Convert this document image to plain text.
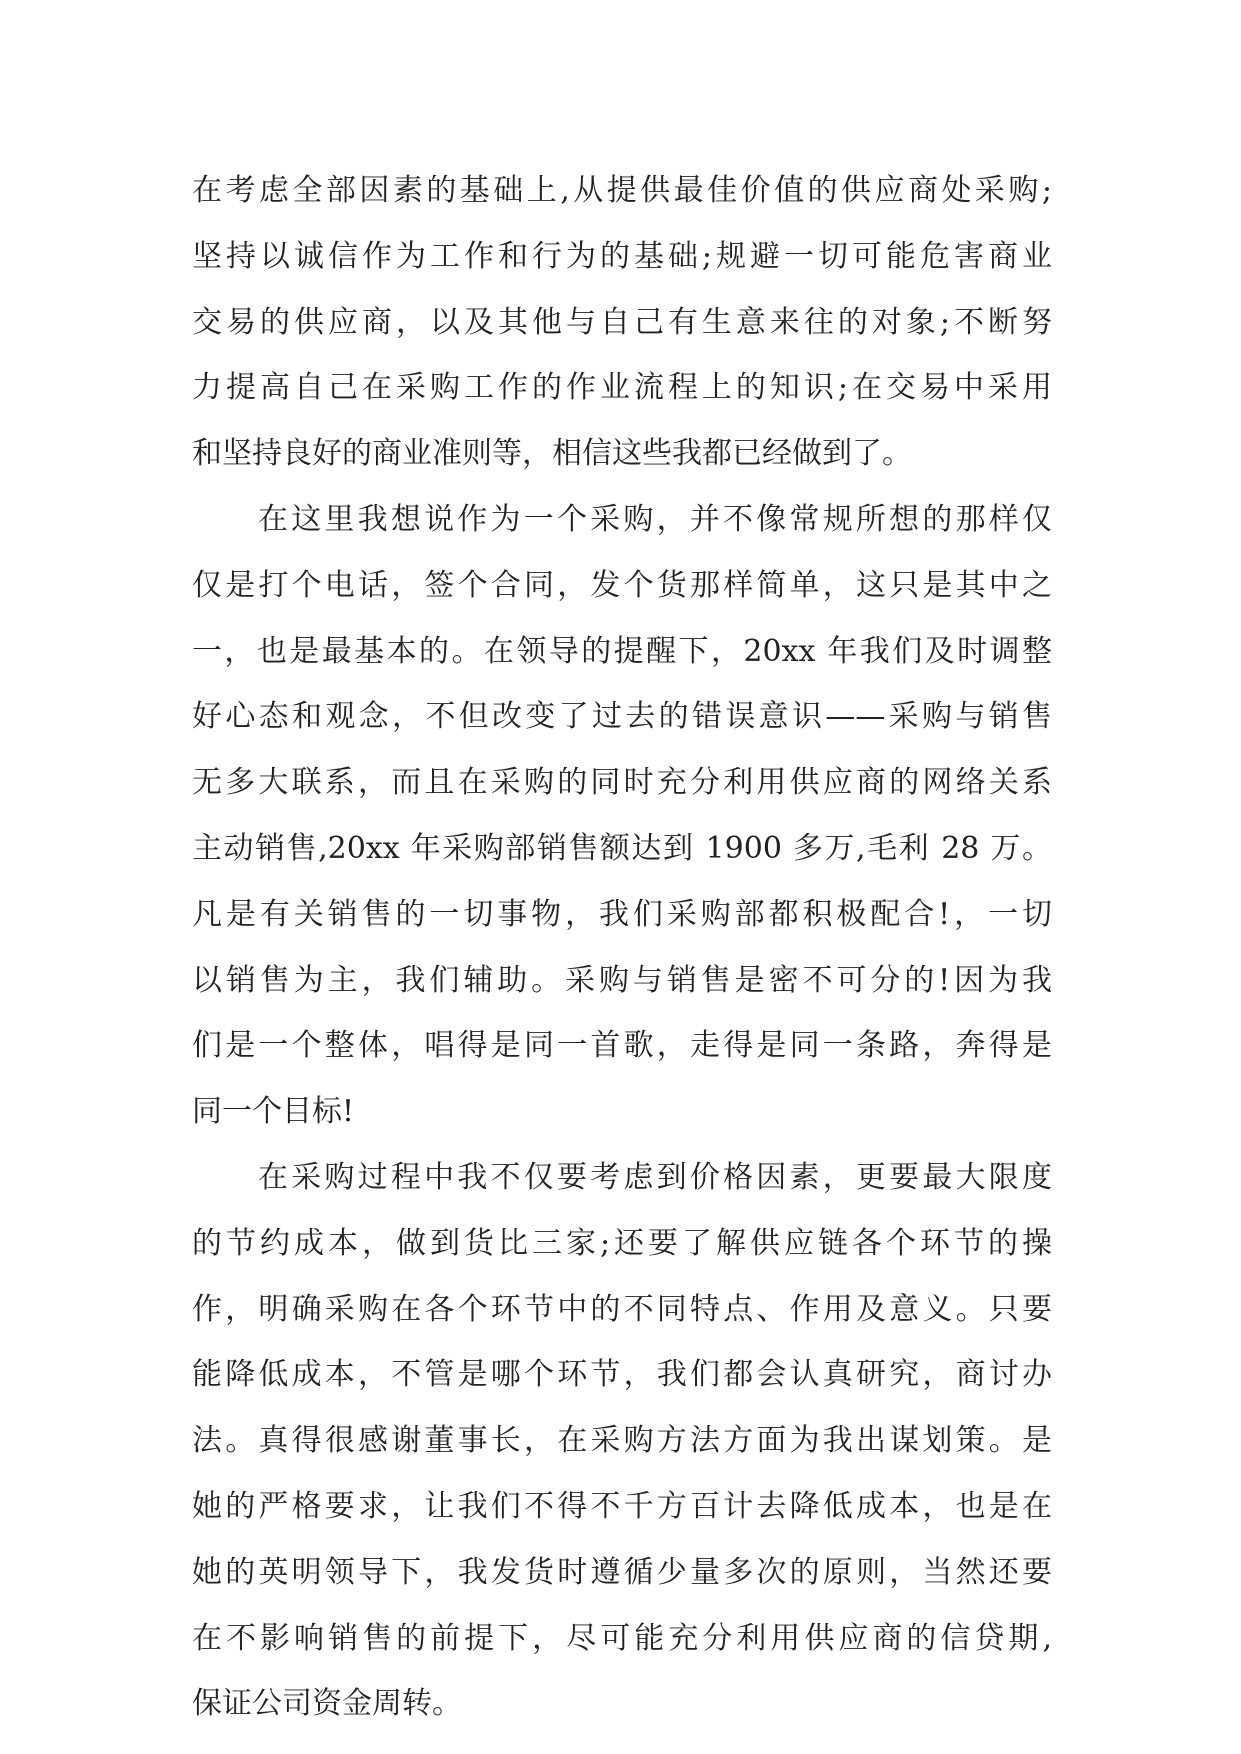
在考虑全部因素的基础上,从提供最佳价值的供应商处采购;
坚持以诚信作为工作和行为的基础;规避一切可能危害商业
交易的供应商，以及其他与自己有生意来往的对象;不断努
力提高自己在采购工作的作业流程上的知识;在交易中采用
和坚持良好的商业准则等，相信这些我都已经做到了。
在这里我想说作为一个采购，并不像常规所想的那样仅
仅是打个电话，签个合同，发个货那样简单，这只是其中之
一，也是最基本的。在领导的提醒下，20xx 年我们及时调整
好心态和观念，不但改变了过去的错误意识——采购与销售
无多大联系，而且在采购的同时充分利用供应商的网络关系
主动销售,20xx 年采购部销售额达到 1900 多万,毛利 28 万。
凡是有关销售的一切事物，我们采购部都积极配合!，一切
以销售为主，我们辅助。采购与销售是密不可分的!因为我
们是一个整体，唱得是同一首歌，走得是同一条路，奔得是
同一个目标!
在采购过程中我不仅要考虑到价格因素，更要最大限度
的节约成本，做到货比三家;还要了解供应链各个环节的操
作，明确采购在各个环节中的不同特点、作用及意义。只要
能降低成本，不管是哪个环节，我们都会认真研究，商讨办
法。真得很感谢董事长，在采购方法方面为我出谋划策。是
她的严格要求，让我们不得不千方百计去降低成本，也是在
她的英明领导下，我发货时遵循少量多次的原则，当然还要
在不影响销售的前提下，尽可能充分利用供应商的信贷期,
保证公司资金周转。
